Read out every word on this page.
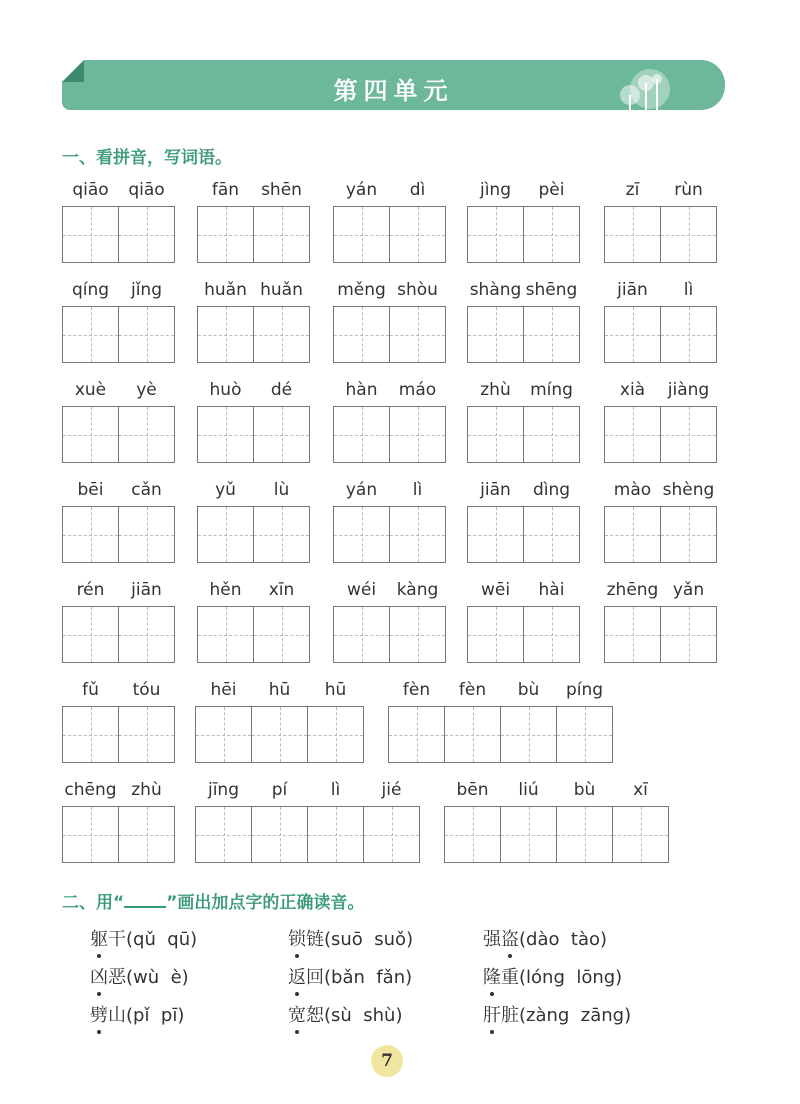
第四单元
一、看拼音，写词语。
qiāo	qiāo	fān	shēn	yán	dì	jìng	pèi	zī	rùn
qíng	jǐng	huǎn huǎn	měng shòu	shàng shēng	jiān	lì
xuè	yè	huò	dé	hàn	máo	zhù	míng	xià	jiàng
bēi	cǎn	yǔ	lù	yán	lì	jiān	dìng	mào shèng
rén	jiān	hěn	xīn	wéi	kàng	wēi	hài	zhēng yǎn
fǔ	tóu	hēi	hū	hū	fèn	fèn	bù	píng
chēng zhù	jīng	pí	lì	jié	bēn	liú	bù	xī
二、用“ ”画出加点字的正确读音。
躯干(qǔ  qū)	锁链(suō  suǒ)	强盗(dào  tào)
凶恶(wù  è)	返回(bǎn  fǎn)	隆重(lóng  lōng)
劈山(pǐ  pī)	宽恕(sù  shù)	肝脏(zàng  zāng)
7
